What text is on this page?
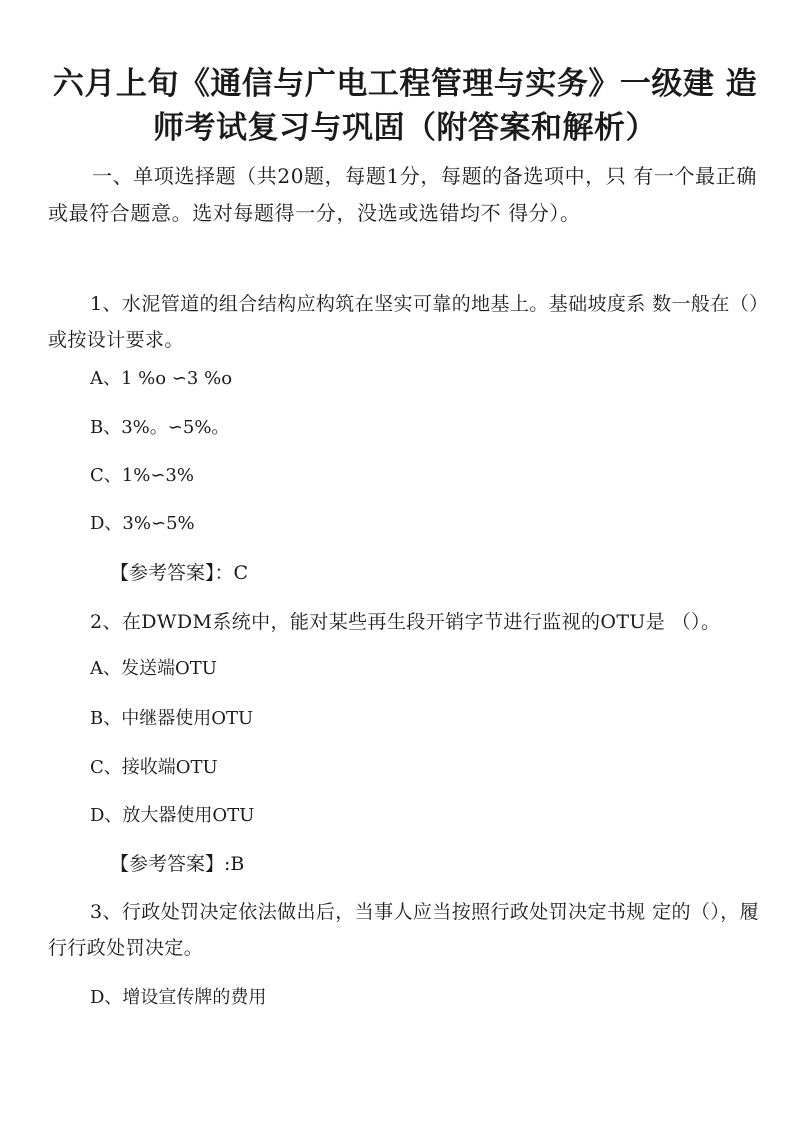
六月上旬《通信与广电工程管理与实务》一级建 造师考试复习与巩固（附答案和解析）

一、单项选择题（共20题，每题1分，每题的备选项中，只 有一个最正确或最符合题意。选对每题得一分，没选或选错均不 得分）。

1、水泥管道的组合结构应构筑在坚实可靠的地基上。基础坡度系 数一般在（）或按设计要求。

A、1 %o ∽3 %o

B、3%。∽5%。

C、1%∽3%

D、3%∽5%

【参考答案】：C

2、在DWDM系统中，能对某些再生段开销字节进行监视的OTU是 （）。

A、发送端OTU

B、中继器使用OTU

C、接收端OTU

D、放大器使用OTU

【参考答案】:B

3、行政处罚决定依法做出后，当事人应当按照行政处罚决定书规 定的（），履行行政处罚决定。

D、增设宣传牌的费用
